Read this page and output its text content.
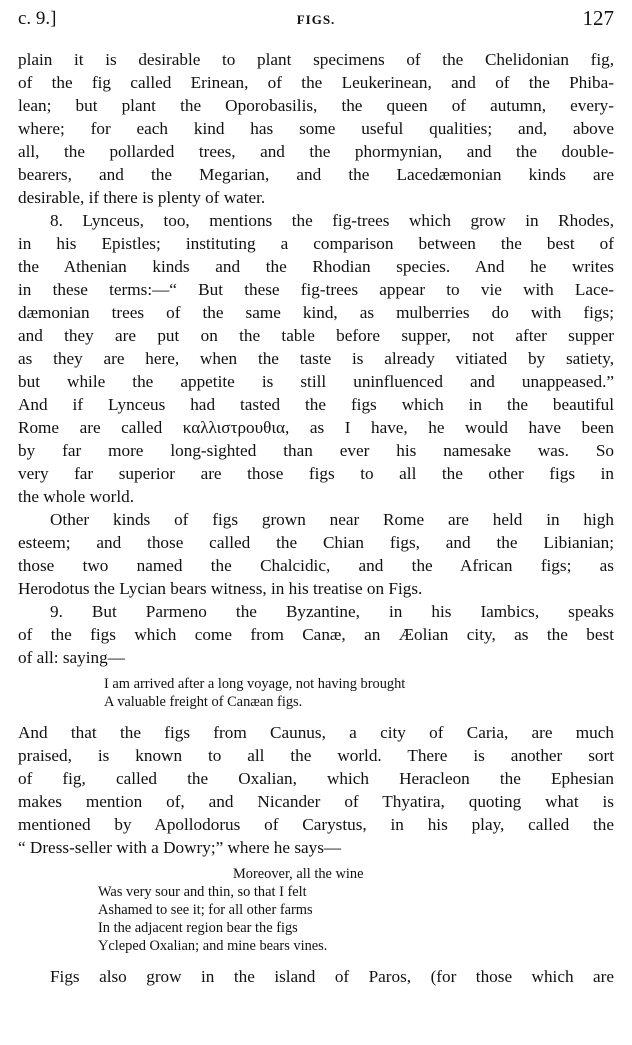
c. 9.]	FIGS.	127
plain it is desirable to plant specimens of the Chelidonian fig,
of the fig called Erinean, of the Leukerinean, and of the Phiba-
lean; but plant the Oporobasilis, the queen of autumn, every-
where; for each kind has some useful qualities; and, above
all, the pollarded trees, and the phormynian, and the double-
bearers, and the Megarian, and the Lacedæmonian kinds are
desirable, if there is plenty of water.
8. Lynceus, too, mentions the fig-trees which grow in Rhodes,
in his Epistles; instituting a comparison between the best of
the Athenian kinds and the Rhodian species. And he writes
in these terms:—“ But these fig-trees appear to vie with Lace-
dæmonian trees of the same kind, as mulberries do with figs;
and they are put on the table before supper, not after supper
as they are here, when the taste is already vitiated by satiety,
but while the appetite is still uninfluenced and unappeased.”
And if Lynceus had tasted the figs which in the beautiful
Rome are called καλλιστρουθια, as I have, he would have been
by far more long-sighted than ever his namesake was. So
very far superior are those figs to all the other figs in
the whole world.
Other kinds of figs grown near Rome are held in high
esteem; and those called the Chian figs, and the Libianian;
those two named the Chalcidic, and the African figs; as
Herodotus the Lycian bears witness, in his treatise on Figs.
9. But Parmeno the Byzantine, in his Iambics, speaks
of the figs which come from Canæ, an Æolian city, as the best
of all: saying—
I am arrived after a long voyage, not having brought
A valuable freight of Canæan figs.
And that the figs from Caunus, a city of Caria, are much
praised, is known to all the world. There is another sort
of fig, called the Oxalian, which Heracleon the Ephesian
makes mention of, and Nicander of Thyatira, quoting what is
mentioned by Apollodorus of Carystus, in his play, called the
“ Dress-seller with a Dowry;” where he says—
Moreover, all the wine
Was very sour and thin, so that I felt
Ashamed to see it; for all other farms
In the adjacent region bear the figs
Ycleped Oxalian; and mine bears vines.
Figs also grow in the island of Paros, (for those which are
